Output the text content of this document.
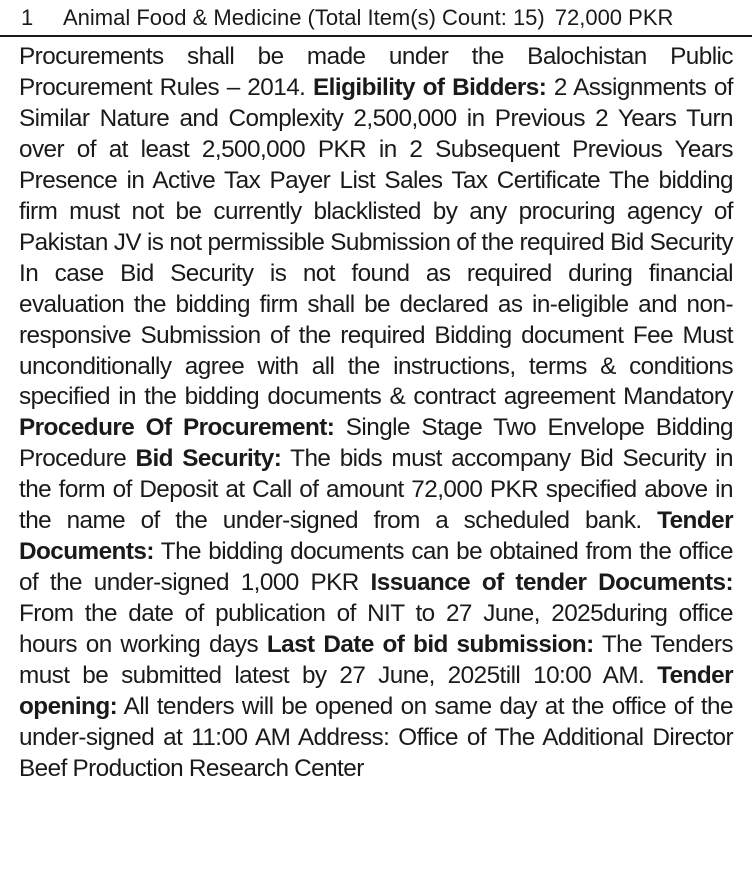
1	Animal Food & Medicine (Total Item(s) Count: 15) 72,000 PKR
Procurements shall be made under the Balochistan Public Procurement Rules – 2014. Eligibility of Bidders: 2 Assignments of Similar Nature and Complexity 2,500,000 in Previous 2 Years Turn over of at least 2,500,000 PKR in 2 Subsequent Previous Years Presence in Active Tax Payer List Sales Tax Certificate The bidding firm must not be currently blacklisted by any procuring agency of Pakistan JV is not permissible Submission of the required Bid Security In case Bid Security is not found as required during financial evaluation the bidding firm shall be declared as in-eligible and non-responsive Submission of the required Bidding document Fee Must unconditionally agree with all the instructions, terms & conditions specified in the bidding documents & contract agreement Mandatory Procedure Of Procurement: Single Stage Two Envelope Bidding Procedure Bid Security: The bids must accompany Bid Security in the form of Deposit at Call of amount 72,000 PKR specified above in the name of the under-signed from a scheduled bank. Tender Documents: The bidding documents can be obtained from the office of the under-signed 1,000 PKR Issuance of tender Documents: From the date of publication of NIT to 27 June, 2025during office hours on working days Last Date of bid submission: The Tenders must be submitted latest by 27 June, 2025till 10:00 AM. Tender opening: All tenders will be opened on same day at the office of the under-signed at 11:00 AM Address: Office of The Additional Director Beef Production Research Center
